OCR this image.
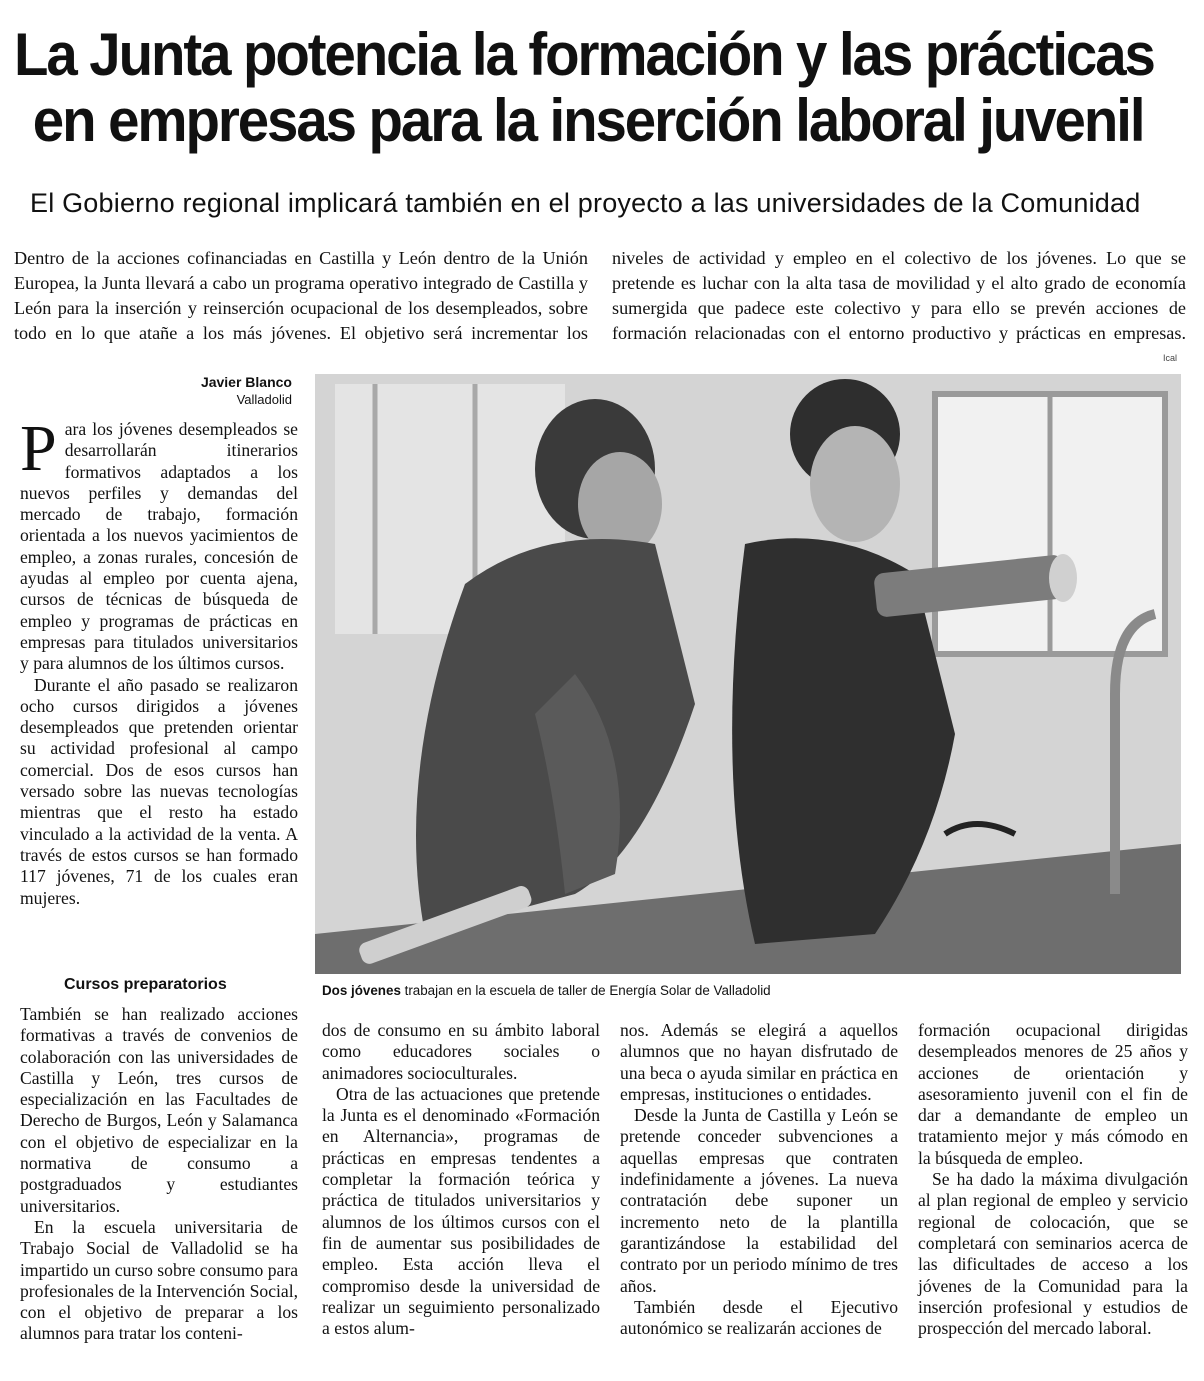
La Junta potencia la formación y las prácticas
en empresas para la inserción laboral juvenil
El Gobierno regional implicará también en el proyecto a las universidades de la Comunidad
Dentro de la acciones cofinanciadas en Castilla y León dentro de la Unión Europea, la Junta llevará a cabo un programa operativo integrado de Castilla y León para la inserción y reinserción ocupacional de los desempleados, sobre todo en lo que atañe a los más jóvenes. El objetivo será incrementar los
niveles de actividad y empleo en el colectivo de los jóvenes. Lo que se pretende es luchar con la alta tasa de movilidad y el alto grado de economía sumergida que padece este colectivo y para ello se prevén acciones de formación relacionadas con el entorno productivo y prácticas en empresas.
Ical
Javier Blanco
Valladolid
Dos jóvenes trabajan en la escuela de taller de Energía Solar de Valladolid

Para los jóvenes desempleados se desarrollarán itinerarios formativos adaptados a los nuevos perfiles y demandas del mercado de trabajo, formación orientada a los nuevos yacimientos de empleo, a zonas rurales, concesión de ayudas al empleo por cuenta ajena, cursos de técnicas de búsqueda de empleo y programas de prácticas en empresas para titulados universitarios y para alumnos de los últimos cursos.

Durante el año pasado se realizaron ocho cursos dirigidos a jóvenes desempleados que pretenden orientar su actividad profesional al campo comercial. Dos de esos cursos han versado sobre las nuevas tecnologías mientras que el resto ha estado vinculado a la actividad de la venta. A través de estos cursos se han formado 117 jóvenes, 71 de los cuales eran mujeres.

Cursos preparatorios

También se han realizado acciones formativas a través de convenios de colaboración con las universidades de Castilla y León, tres cursos de especialización en las Facultades de Derecho de Burgos, León y Salamanca con el objetivo de especializar en la normativa de consumo a postgraduados y estudiantes universitarios.

En la escuela universitaria de Trabajo Social de Valladolid se ha impartido un curso sobre consumo para profesionales de la Intervención Social, con el objetivo de preparar a los alumnos para tratar los conteni-

dos de consumo en su ámbito laboral como educadores sociales o animadores socioculturales.

Otra de las actuaciones que pretende la Junta es el denominado «Formación en Alternancia», programas de prácticas en empresas tendentes a completar la formación teórica y práctica de titulados universitarios y alumnos de los últimos cursos con el fin de aumentar sus posibilidades de empleo. Esta acción lleva el compromiso desde la universidad de realizar un seguimiento personalizado a estos alum-

nos. Además se elegirá a aquellos alumnos que no hayan disfrutado de una beca o ayuda similar en práctica en empresas, instituciones o entidades.

Desde la Junta de Castilla y León se pretende conceder subvenciones a aquellas empresas que contraten indefinidamente a jóvenes. La nueva contratación debe suponer un incremento neto de la plantilla garantizándose la estabilidad del contrato por un periodo mínimo de tres años.

También desde el Ejecutivo autonómico se realizarán acciones de

formación ocupacional dirigidas desempleados menores de 25 años y acciones de orientación y asesoramiento juvenil con el fin de dar a demandante de empleo un tratamiento mejor y más cómodo en la búsqueda de empleo.

Se ha dado la máxima divulgación al plan regional de empleo y servicio regional de colocación, que se completará con seminarios acerca de las dificultades de acceso a los jóvenes de la Comunidad para la inserción profesional y estudios de prospección del mercado laboral.
